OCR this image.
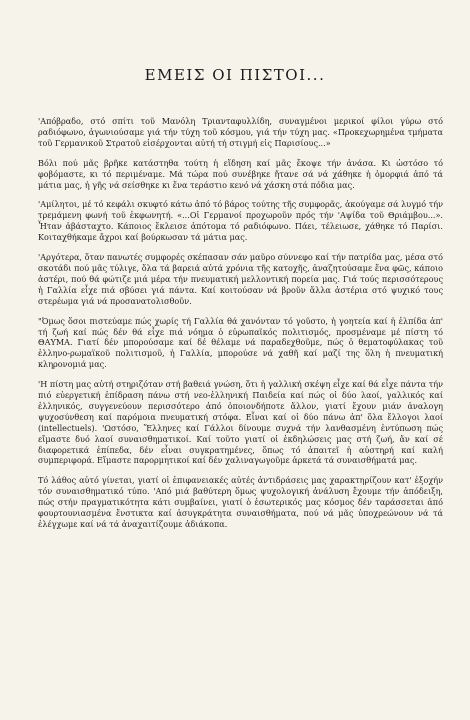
ΕΜΕΙΣ ΟΙ ΠΙΣΤΟΙ...

'Απόβραδο, στό σπίτι τοῦ Μανόλη Τριανταφυλλίδη, συναγμένοι μερικοί φίλοι γύρω στό ραδιόφωνο, ἀγωνιούσαμε γιά τήν τύχη τοῦ κόσμου, γιά τήν τύχη μας. «Προκεχωρημένα τμήματα τοῦ Γερμανικοῦ Στρατοῦ εἰσέρχονται αὐτή τή στιγμή εἰς Παρισίους...»

Βόλι πού μᾶς βρῆκε κατάστηθα τούτη ἡ εἴδηση καί μᾶς ἔκοψε τήν ἀνάσα. Κι ὡστόσο τό φοβόμαστε, κι τό περιμέναμε. Μά τώρα πού συνέβηκε ἤτανε σά νά χάθηκε ἡ ὀμορφιά ἀπό τά μάτια μας, ἡ γῆς νά σείσθηκε κι ἕνα τεράστιο κενό νά χάσκη στά πόδια μας.

'Αμίλητοι, μέ τό κεφάλι σκυφτό κάτω ἀπό τό βάρος τούτης τῆς συμφορᾶς, ἀκούγαμε σά λυγμό τήν τρεμάμενη φωνή τοῦ ἐκφωνητή. «...Οἱ Γερμανοί προχωροῦν πρός τήν 'Αψίδα τοῦ Θριάμβου...». Ἦταν ἀβάσταχτο. Κάποιος ἔκλεισε ἀπότομα τό ραδιόφωνο. Πάει, τέλειωσε, χάθηκε τό Παρίσι. Κοιταχθήκαμε ἄχροι καί βούρκωσαν τά μάτια μας.

'Αργότερα, ὅταν πανωτές συμφορές σκέπασαν σάν μαῦρο σύννεφο καί τήν πατρίδα μας, μέσα στό σκοτάδι πού μᾶς τύλιγε, ὅλα τά βαρειά αὐτά χρόνια τῆς κατοχῆς, ἀναζητούσαμε ἕνα φῶς, κάποιο ἀστέρι, πού θά φώτιζε μιά μέρα τήν πνευματική μελλοντική πορεία μας. Γιά τούς περισσότερους ἡ Γαλλία εἶχε πιά σβύσει γιά πάντα. Καί κοιτούσαν νά βροῦν ἄλλα ἀστέρια στό ψυχικό τους στερέωμα γιά νά προσανατολισθοῦν.

"Όμως ὅσοι πιστεύαμε πώς χωρίς τή Γαλλία θά χανόνταν τό γοῦστο, ἡ γοητεία καί ἡ ἐλπίδα ἀπ' τή ζωή καί πώς δέν θά εἶχε πιά νόημα ὁ εὐρωπαϊκός πολιτισμός, προσμέναμε μέ πίστη τό ΘΑΥΜΑ. Γιατί δέν μπορούσαμε καί δέ θέλαμε νά παραδεχθοῦμε, πώς ὁ θεματοφύλακας τοῦ ἑλληνο-ρωμαϊκοῦ πολιτισμοῦ, ἡ Γαλλία, μπορούσε νά χαθῆ καί μαζί της ὅλη ἡ πνευματική κληρονομιά μας.

'Η πίστη μας αὐτή στηριζόταν στή βαθειά γνώση, ὅτι ἡ γαλλική σκέψη εἶχε καί θά εἶχε πάντα τήν πιό εὐεργετική ἐπίδραση πάνω στή νεο-ἑλληνική Παιδεία καί πώς οἱ δύο λαοί, γαλλικός καί ἑλληνικός, συγγενεύουν περισσότερο ἀπό ὁποιονδήποτε ἄλλον, γιατί ἔχουν μιάν ἀναλογη ψυχοσύνθεση καί παρόμοια πνευματική στόφα. Εἶναι καί οἱ δύο πάνω ἀπ' ὅλα ἔλλογοι λαοί (intellectuels). 'Ωστόσο, Ἕλληνες καί Γάλλοι δίνουμε συχνά τήν λανθασμένη ἐντύπωση πώς εἴμαστε δυό λαοί συναισθηματικοί. Καί τοῦτο γιατί οἱ ἐκδηλώσεις μας στή ζωή, ἄν καί σέ διαφορετικά ἐπίπεδα, δέν εἶναι συγκρατημένες, ὅπως τό ἀπαιτεῖ ἡ αὐστηρή καί καλή συμπεριφορά. Εἴμαστε παρορμητικοί καί δέν χαλιναγωγοῦμε ἀρκετά τά συναισθήματά μας.

Τό λάθος αὐτό γίνεται, γιατί οἱ ἐπιφανειακές αὐτές ἀντιδράσεις μας χαρακτηρίζουν κατ' ἐξοχήν τόν συναισθηματικό τύπο. 'Από μιά βαθύτερη ὅμως ψυχολογική ἀνάλυση ἔχουμε τήν ἀπόδειξη, πώς στήν πραγματικότητα κάτι συμβαίνει, γιατί ὁ ἐσωτερικός μας κόσμος δέν ταράσσεται ἀπό φουρτουνιασμένα ἔνστικτα καί ἀσυγκράτητα συναισθήματα, πού νά μᾶς ὑποχρεώνουν νά τά ἐλέγχωμε καί νά τά ἀναχαιτίζουμε ἀδιάκοπα.
